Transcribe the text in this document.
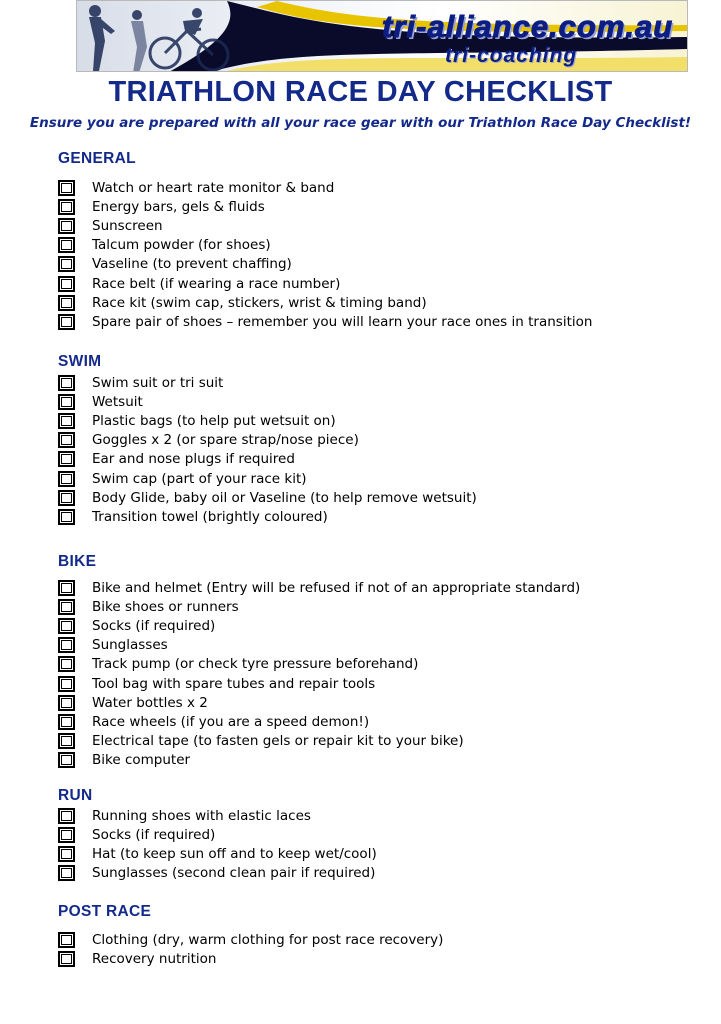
tri-alliance.com.au
tri-coaching
TRIATHLON RACE DAY CHECKLIST

Ensure you are prepared with all your race gear with our Triathlon Race Day Checklist!

GENERAL
Watch or heart rate monitor & band
Energy bars, gels & fluids
Sunscreen
Talcum powder (for shoes)
Vaseline (to prevent chaffing)
Race belt (if wearing a race number)
Race kit (swim cap, stickers, wrist & timing band)
Spare pair of shoes – remember you will learn your race ones in transition
SWIM
Swim suit or tri suit
Wetsuit
Plastic bags (to help put wetsuit on)
Goggles x 2 (or spare strap/nose piece)
Ear and nose plugs if required
Swim cap (part of your race kit)
Body Glide, baby oil or Vaseline (to help remove wetsuit)
Transition towel (brightly coloured)
BIKE
Bike and helmet (Entry will be refused if not of an appropriate standard)
Bike shoes or runners
Socks (if required)
Sunglasses
Track pump (or check tyre pressure beforehand)
Tool bag with spare tubes and repair tools
Water bottles x 2
Race wheels (if you are a speed demon!)
Electrical tape (to fasten gels or repair kit to your bike)
Bike computer
RUN
Running shoes with elastic laces
Socks (if required)
Hat (to keep sun off and to keep wet/cool)
Sunglasses (second clean pair if required)
POST RACE
Clothing (dry, warm clothing for post race recovery)
Recovery nutrition
